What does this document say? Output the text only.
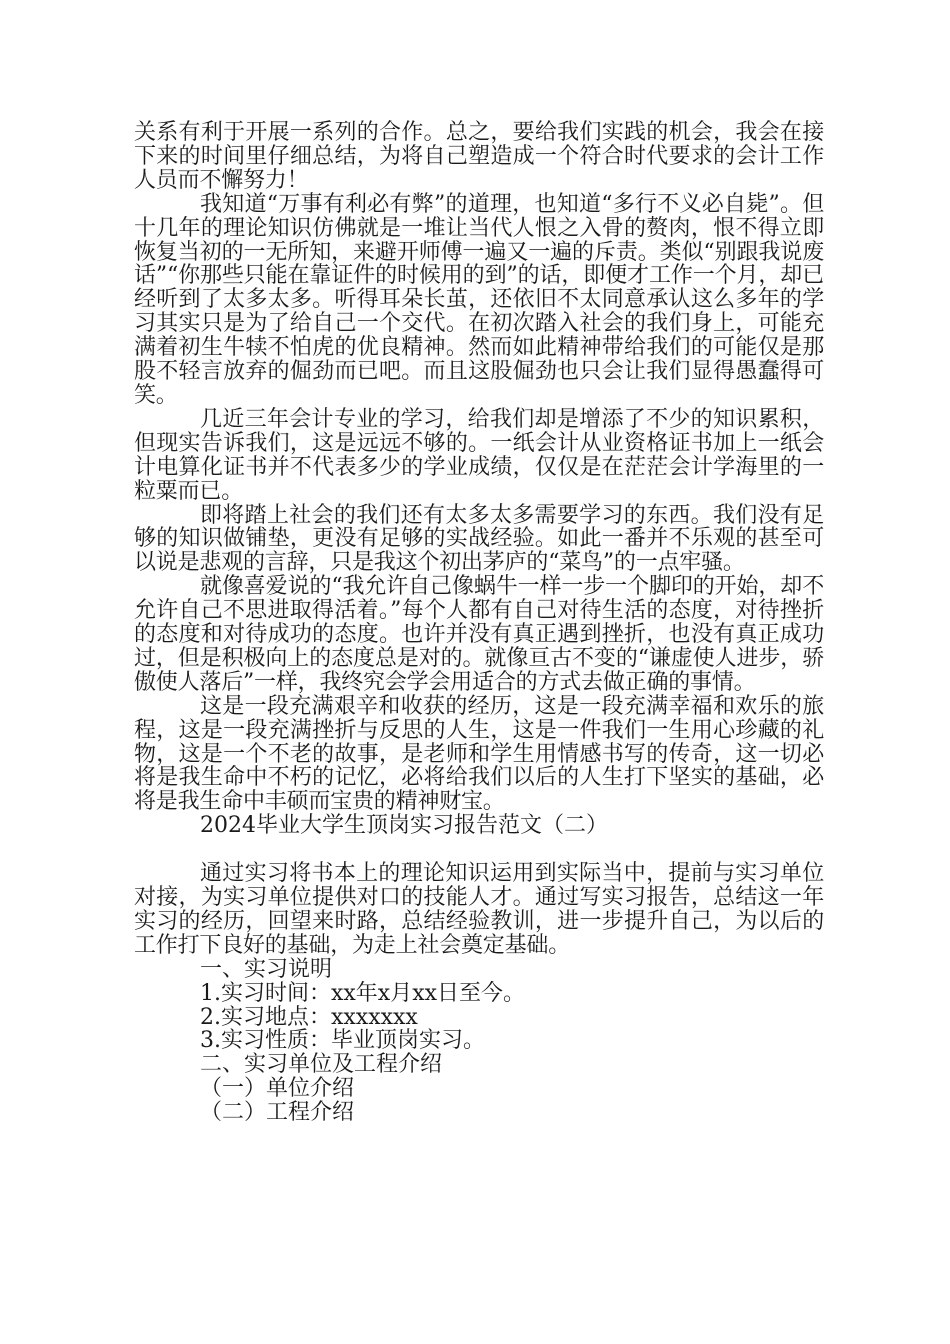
关系有利于开展一系列的合作。总之，要给我们实践的机会，我会在接下来的时间里仔细总结，为将自己塑造成一个符合时代要求的会计工作人员而不懈努力！

我知道“万事有利必有弊”的道理，也知道“多行不义必自毙”。但十几年的理论知识仿佛就是一堆让当代人恨之入骨的赘肉，恨不得立即恢复当初的一无所知，来避开师傅一遍又一遍的斥责。类似“别跟我说废话”“你那些只能在靠证件的时候用的到”的话，即便才工作一个月，却已经听到了太多太多。听得耳朵长茧，还依旧不太同意承认这么多年的学习其实只是为了给自己一个交代。在初次踏入社会的我们身上，可能充满着初生牛犊不怕虎的优良精神。然而如此精神带给我们的可能仅是那股不轻言放弃的倔劲而已吧。而且这股倔劲也只会让我们显得愚蠢得可笑。

几近三年会计专业的学习，给我们却是增添了不少的知识累积，但现实告诉我们，这是远远不够的。一纸会计从业资格证书加上一纸会计电算化证书并不代表多少的学业成绩，仅仅是在茫茫会计学海里的一粒粟而已。

即将踏上社会的我们还有太多太多需要学习的东西。我们没有足够的知识做铺垫，更没有足够的实战经验。如此一番并不乐观的甚至可以说是悲观的言辞，只是我这个初出茅庐的“菜鸟”的一点牢骚。

就像喜爱说的“我允许自己像蜗牛一样一步一个脚印的开始，却不允许自己不思进取得活着。”每个人都有自己对待生活的态度，对待挫折的态度和对待成功的态度。也许并没有真正遇到挫折，也没有真正成功过，但是积极向上的态度总是对的。就像亘古不变的“谦虚使人进步，骄傲使人落后”一样，我终究会学会用适合的方式去做正确的事情。

这是一段充满艰辛和收获的经历，这是一段充满幸福和欢乐的旅程，这是一段充满挫折与反思的人生，这是一件我们一生用心珍藏的礼物，这是一个不老的故事，是老师和学生用情感书写的传奇，这一切必将是我生命中不朽的记忆，必将给我们以后的人生打下坚实的基础，必将是我生命中丰硕而宝贵的精神财宝。

2024毕业大学生顶岗实习报告范文（二）

通过实习将书本上的理论知识运用到实际当中，提前与实习单位对接，为实习单位提供对口的技能人才。通过写实习报告，总结这一年实习的经历，回望来时路，总结经验教训，进一步提升自己，为以后的工作打下良好的基础，为走上社会奠定基础。

一、实习说明

1.实习时间：xx年x月xx日至今。

2.实习地点：xxxxxxx

3.实习性质：毕业顶岗实习。

二、实习单位及工程介绍

（一）单位介绍

（二）工程介绍
